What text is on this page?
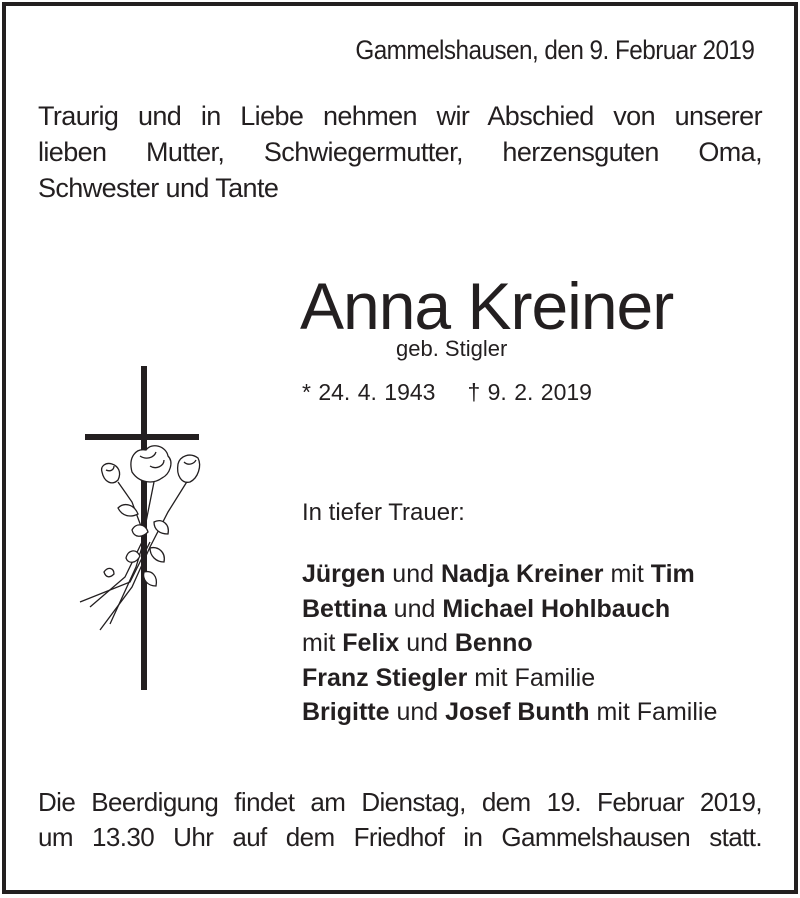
Gammelshausen, den 9. Februar 2019
Traurig und in Liebe nehmen wir Abschied von unserer
lieben Mutter, Schwiegermutter, herzensguten Oma,
Schwester und Tante
Anna Kreiner
geb. Stigler
* 24. 4. 1943 † 9. 2. 2019
In tiefer Trauer:
Jürgen und Nadja Kreiner mit Tim
Bettina und Michael Hohlbauch
mit Felix und Benno
Franz Stiegler mit Familie
Brigitte und Josef Bunth mit Familie
Die Beerdigung findet am Dienstag, dem 19. Februar 2019,
um 13.30 Uhr auf dem Friedhof in Gammelshausen statt.
